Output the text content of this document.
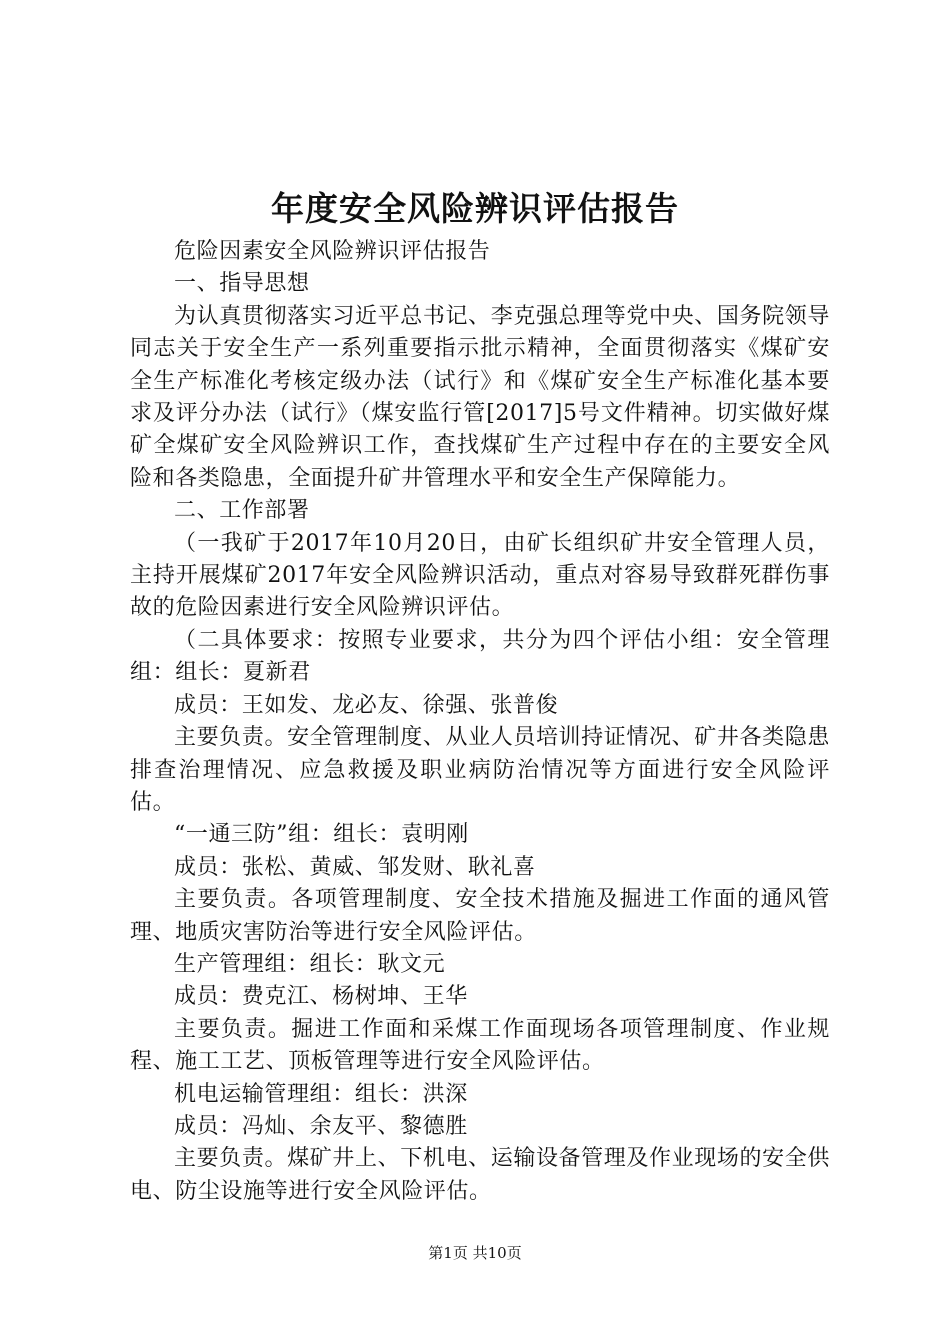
年度安全风险辨识评估报告

危险因素安全风险辨识评估报告

一、指导思想

为认真贯彻落实习近平总书记、李克强总理等党中央、国务院领导同志关于安全生产一系列重要指示批示精神，全面贯彻落实《煤矿安全生产标准化考核定级办法（试行》和《煤矿安全生产标准化基本要求及评分办法（试行》（煤安监行管[2017]5号文件精神。切实做好煤矿全煤矿安全风险辨识工作，查找煤矿生产过程中存在的主要安全风险和各类隐患，全面提升矿井管理水平和安全生产保障能力。

二、工作部署

（一我矿于2017年10月20日，由矿长组织矿井安全管理人员，主持开展煤矿2017年安全风险辨识活动，重点对容易导致群死群伤事故的危险因素进行安全风险辨识评估。

（二具体要求：按照专业要求，共分为四个评估小组：安全管理组：组长：夏新君

成员：王如发、龙必友、徐强、张普俊

主要负责。安全管理制度、从业人员培训持证情况、矿井各类隐患排查治理情况、应急救援及职业病防治情况等方面进行安全风险评估。

“一通三防”组：组长：袁明刚

成员：张松、黄威、邹发财、耿礼喜

主要负责。各项管理制度、安全技术措施及掘进工作面的通风管理、地质灾害防治等进行安全风险评估。

生产管理组：组长：耿文元

成员：费克江、杨树坤、王华

主要负责。掘进工作面和采煤工作面现场各项管理制度、作业规程、施工工艺、顶板管理等进行安全风险评估。

机电运输管理组：组长：洪深

成员：冯灿、余友平、黎德胜

主要负责。煤矿井上、下机电、运输设备管理及作业现场的安全供电、防尘设施等进行安全风险评估。

第1页 共10页
